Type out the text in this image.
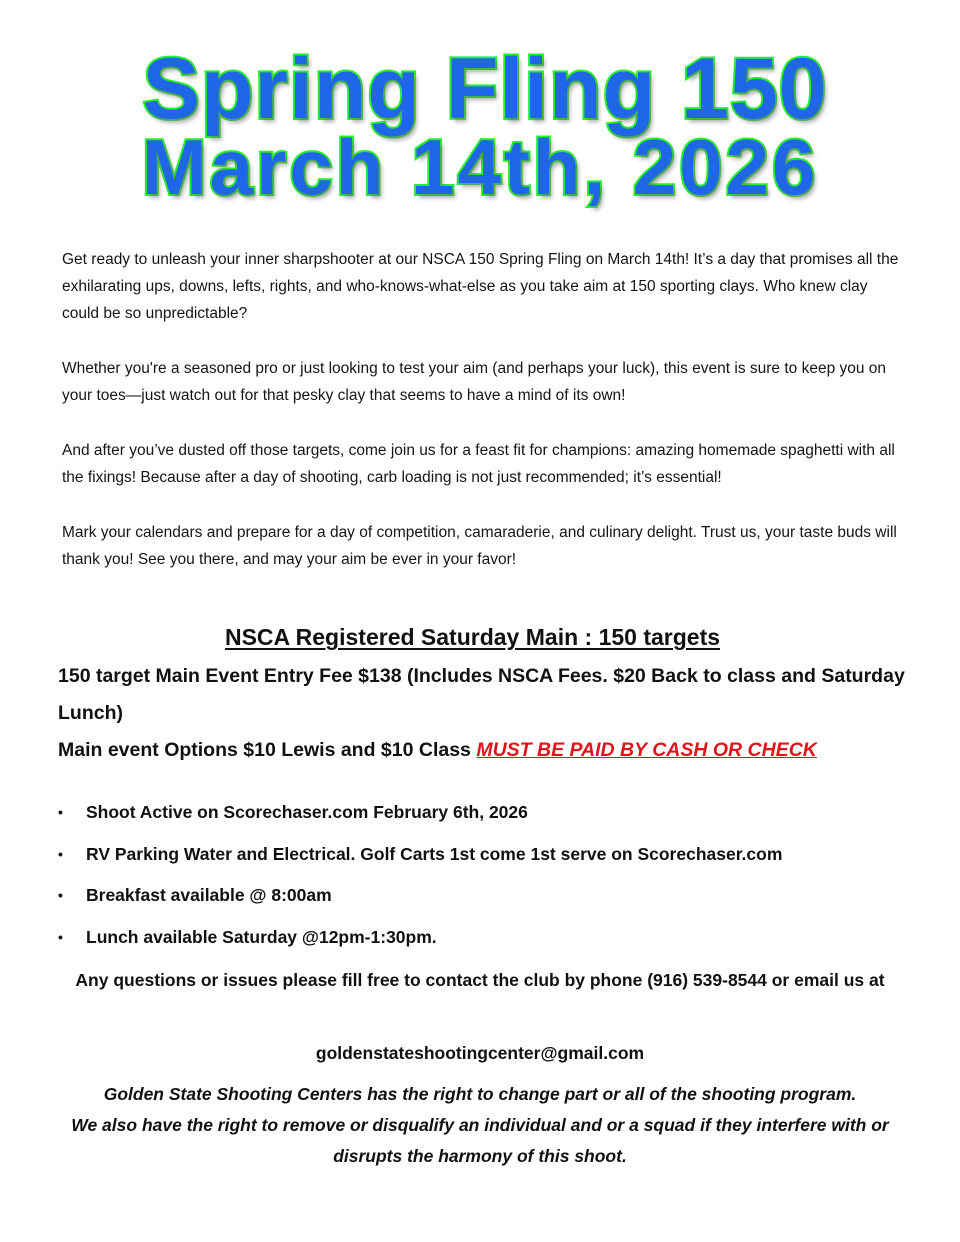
Spring Fling 150
March 14th, 2026

Get ready to unleash your inner sharpshooter at our NSCA 150 Spring Fling on March 14th! It’s a day that promises all the exhilarating ups, downs, lefts, rights, and who-knows-what-else as you take aim at 150 sporting clays. Who knew clay could be so unpredictable?

Whether you're a seasoned pro or just looking to test your aim (and perhaps your luck), this event is sure to keep you on your toes—just watch out for that pesky clay that seems to have a mind of its own!

And after you’ve dusted off those targets, come join us for a feast fit for champions: amazing homemade spaghetti with all the fixings! Because after a day of shooting, carb loading is not just recommended; it’s essential!

Mark your calendars and prepare for a day of competition, camaraderie, and culinary delight. Trust us, your taste buds will thank you! See you there, and may your aim be ever in your favor!

NSCA Registered Saturday Main : 150 targets

150 target Main Event Entry Fee $138 (Includes NSCA Fees. $20 Back to class and Saturday Lunch)

Main event Options $10 Lewis and $10 Class MUST BE PAID BY CASH OR CHECK

•	Shoot Active on Scorechaser.com February 6th, 2026
•	RV Parking Water and Electrical. Golf Carts 1st come 1st serve on Scorechaser.com
•	Breakfast available @ 8:00am
•	Lunch available Saturday @12pm-1:30pm.

Any questions or issues please fill free to contact the club by phone (916) 539-8544 or email us at

goldenstateshootingcenter@gmail.com

Golden State Shooting Centers has the right to change part or all of the shooting program.

We also have the right to remove or disqualify an individual and or a squad if they interfere with or disrupts the harmony of this shoot.
